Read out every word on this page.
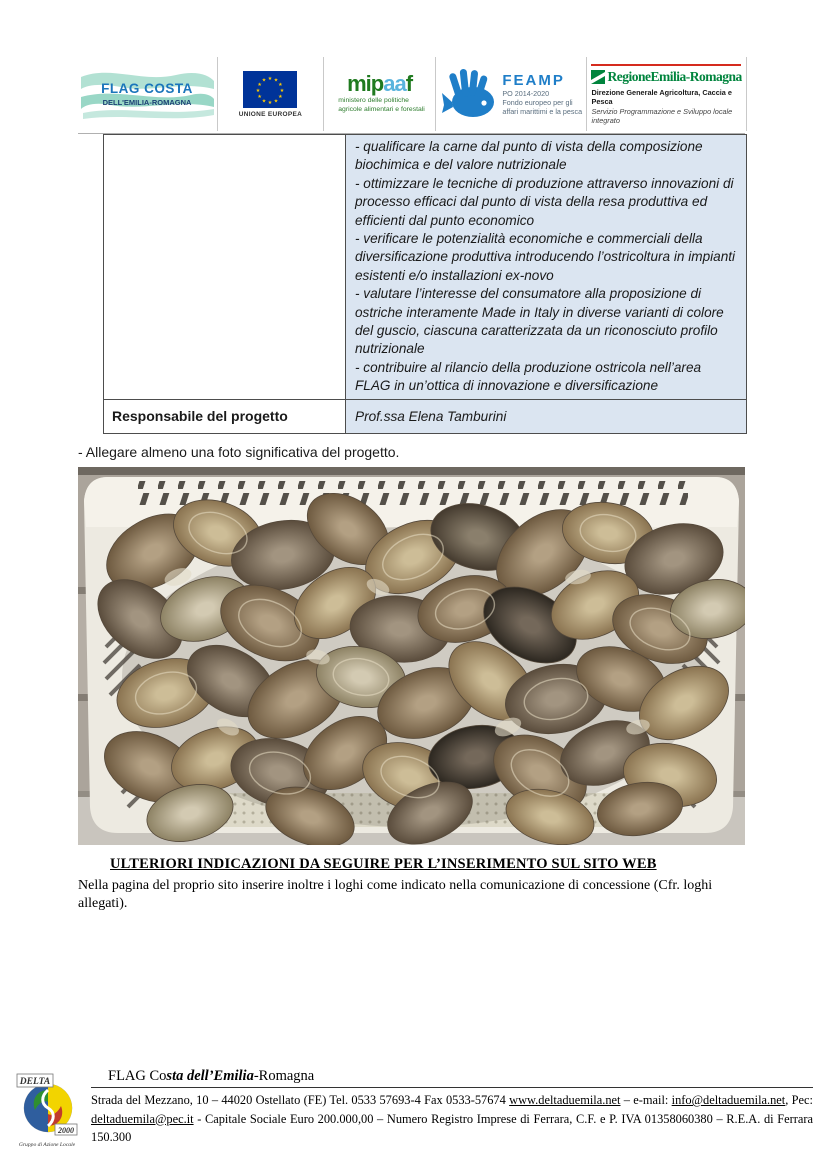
FLAG COSTA
DELL'EMILIA-ROMAGNA
★ ★
★
★
★
★
★
★
★
★
★
★
UNIONE EUROPEA
mipaaf
ministero delle politiche
agricole alimentari e forestali
FEAMP
PO 2014-2020
Fondo europeo per gli
affari marittimi e la pesca
RegioneEmilia-Romagna
Direzione Generale Agricoltura, Caccia e Pesca
Servizio Programmazione e Sviluppo locale integrato

	- qualificare la carne dal punto di vista della composizione biochimica e del valore nutrizionale
- ottimizzare le tecniche di produzione attraverso innovazioni di processo efficaci dal punto di vista della resa produttiva ed efficienti dal punto economico
- verificare le potenzialità economiche e commerciali della diversificazione produttiva introducendo l’ostricoltura in impianti esistenti e/o installazioni ex-novo
- valutare l’interesse del consumatore alla proposizione di ostriche interamente Made in Italy in diverse varianti di colore del guscio, ciascuna caratterizzata da un riconosciuto profilo nutrizionale
- contribuire al rilancio della produzione ostricola nell’area FLAG in un’ottica di innovazione e diversificazione

Responsabile del progetto	Prof.ssa Elena Tamburini

- Allegare almeno una foto significativa del progetto.

ULTERIORI INDICAZIONI DA SEGUIRE PER L’INSERIMENTO SUL SITO WEB

Nella pagina del proprio sito inserire inoltre i loghi come indicato nella comunicazione di concessione (Cfr. loghi allegati).

DELTA
2000
Gruppo di Azione Locale
FLAG Costa dell’Emilia-Romagna

Strada del Mezzano, 10 – 44020 Ostellato (FE) Tel. 0533 57693-4 Fax 0533-57674 www.deltaduemila.net – e-mail: info@deltaduemila.net, Pec: deltaduemila@pec.it - Capitale Sociale Euro 200.000,00 – Numero Registro Imprese di Ferrara, C.F. e P. IVA 01358060380 – R.E.A. di Ferrara 150.300
